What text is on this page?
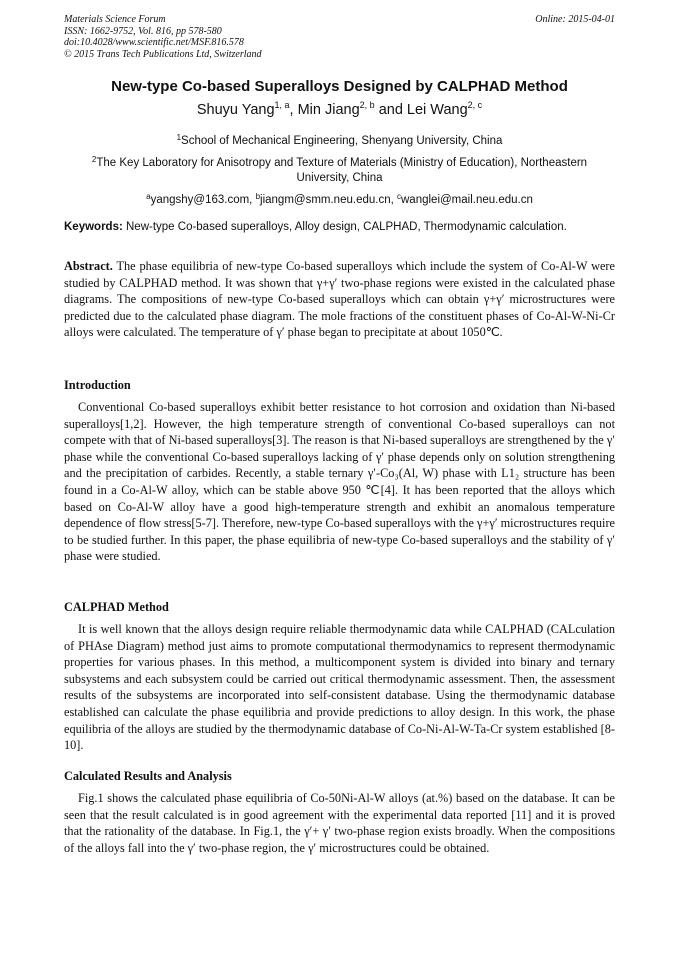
Materials Science Forum
ISSN: 1662-9752, Vol. 816, pp 578-580
doi:10.4028/www.scientific.net/MSF.816.578
© 2015 Trans Tech Publications Ltd, Switzerland
Online: 2015-04-01
New-type Co-based Superalloys Designed by CALPHAD Method
Shuyu Yang$^{1, a}$, Min Jiang$^{2, b}$ and Lei Wang$^{2, c}$
$^1$School of Mechanical Engineering, Shenyang University, China
$^2$The Key Laboratory for Anisotropy and Texture of Materials (Ministry of Education), Northeastern University, China
$^a$yangshy@163.com, $^b$jiangm@smm.neu.edu.cn, $^c$wanglei@mail.neu.edu.cn
Keywords: New-type Co-based superalloys, Alloy design, CALPHAD, Thermodynamic calculation.

Abstract. The phase equilibria of new-type Co-based superalloys which include the system of Co-Al-W were studied by CALPHAD method. It was shown that γ+γ′ two-phase regions were existed in the calculated phase diagrams. The compositions of new-type Co-based superalloys which can obtain γ+γ′ microstructures were predicted due to the calculated phase diagram. The mole fractions of the constituent phases of Co-Al-W-Ni-Cr alloys were calculated. The temperature of γ′ phase began to precipitate at about 1050℃.

Introduction

Conventional Co-based superalloys exhibit better resistance to hot corrosion and oxidation than Ni-based superalloys[1,2]. However, the high temperature strength of conventional Co-based superalloys can not compete with that of Ni-based superalloys[3]. The reason is that Ni-based superalloys are strengthened by the γ′ phase while the conventional Co-based superalloys lacking of γ′ phase depends only on solution strengthening and the precipitation of carbides. Recently, a stable ternary γ′-Co₃(Al, W) phase with L1₂ structure has been found in a Co-Al-W alloy, which can be stable above 950 ℃[4]. It has been reported that the alloys which based on Co-Al-W alloy have a good high-temperature strength and exhibit an anomalous temperature dependence of flow stress[5-7]. Therefore, new-type Co-based superalloys with the γ+γ′ microstructures require to be studied further. In this paper, the phase equilibria of new-type Co-based superalloys and the stability of γ′ phase were studied.

CALPHAD Method

It is well known that the alloys design require reliable thermodynamic data while CALPHAD (CALculation of PHAse Diagram) method just aims to promote computational thermodynamics to represent thermodynamic properties for various phases. In this method, a multicomponent system is divided into binary and ternary subsystems and each subsystem could be carried out critical thermodynamic assessment. Then, the assessment results of the subsystems are incorporated into self-consistent database. Using the thermodynamic database established can calculate the phase equilibria and provide predictions to alloy design. In this work, the phase equilibria of the alloys are studied by the thermodynamic database of Co-Ni-Al-W-Ta-Cr system established [8-10].

Calculated Results and Analysis

Fig.1 shows the calculated phase equilibria of Co-50Ni-Al-W alloys (at.%) based on the database. It can be seen that the result calculated is in good agreement with the experimental data reported [11] and it is proved that the rationality of the database. In Fig.1, the γ′+ γ′ two-phase region exists broadly. When the compositions of the alloys fall into the γ′ two-phase region, the γ′ microstructures could be obtained.
